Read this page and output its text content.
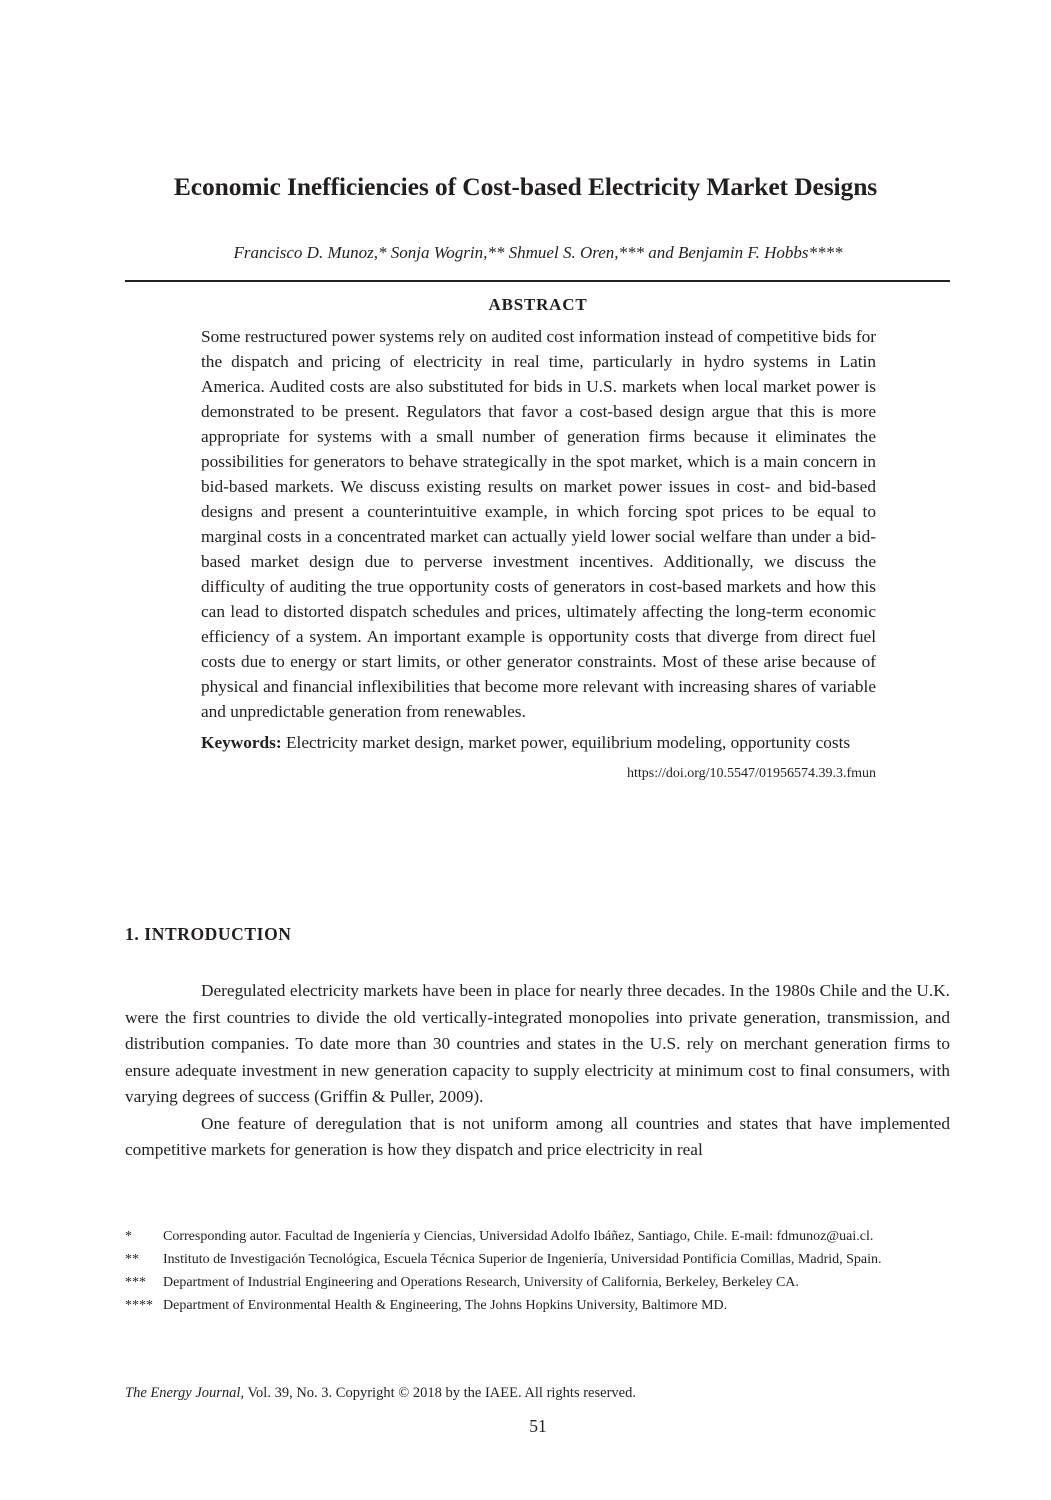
Economic Inefficiencies of Cost-based Electricity Market Designs

Francisco D. Munoz,* Sonja Wogrin,** Shmuel S. Oren,*** and Benjamin F. Hobbs****

ABSTRACT

Some restructured power systems rely on audited cost information instead of competitive bids for the dispatch and pricing of electricity in real time, particularly in hydro systems in Latin America. Audited costs are also substituted for bids in U.S. markets when local market power is demonstrated to be present. Regulators that favor a cost-based design argue that this is more appropriate for systems with a small number of generation firms because it eliminates the possibilities for generators to behave strategically in the spot market, which is a main concern in bid-based markets. We discuss existing results on market power issues in cost- and bid-based designs and present a counterintuitive example, in which forcing spot prices to be equal to marginal costs in a concentrated market can actually yield lower social welfare than under a bid-based market design due to perverse investment incentives. Additionally, we discuss the difficulty of auditing the true opportunity costs of generators in cost-based markets and how this can lead to distorted dispatch schedules and prices, ultimately affecting the long-term economic efficiency of a system. An important example is opportunity costs that diverge from direct fuel costs due to energy or start limits, or other generator constraints. Most of these arise because of physical and financial inflexibilities that become more relevant with increasing shares of variable and unpredictable generation from renewables.

Keywords: Electricity market design, market power, equilibrium modeling, opportunity costs

https://doi.org/10.5547/01956574.39.3.fmun

1. INTRODUCTION

Deregulated electricity markets have been in place for nearly three decades. In the 1980s Chile and the U.K. were the first countries to divide the old vertically-integrated monopolies into private generation, transmission, and distribution companies. To date more than 30 countries and states in the U.S. rely on merchant generation firms to ensure adequate investment in new generation capacity to supply electricity at minimum cost to final consumers, with varying degrees of success (Griffin & Puller, 2009).

One feature of deregulation that is not uniform among all countries and states that have implemented competitive markets for generation is how they dispatch and price electricity in real

*	Corresponding autor. Facultad de Ingeniería y Ciencias, Universidad Adolfo Ibáñez, Santiago, Chile. E-mail: fdmunoz@uai.cl.
**	Instituto de Investigación Tecnológica, Escuela Técnica Superior de Ingeniería, Universidad Pontificia Comillas, Madrid, Spain.
***	Department of Industrial Engineering and Operations Research, University of California, Berkeley, Berkeley CA.
**** Department of Environmental Health & Engineering, The Johns Hopkins University, Baltimore MD.

The Energy Journal, Vol. 39, No. 3. Copyright © 2018 by the IAEE. All rights reserved.

51
